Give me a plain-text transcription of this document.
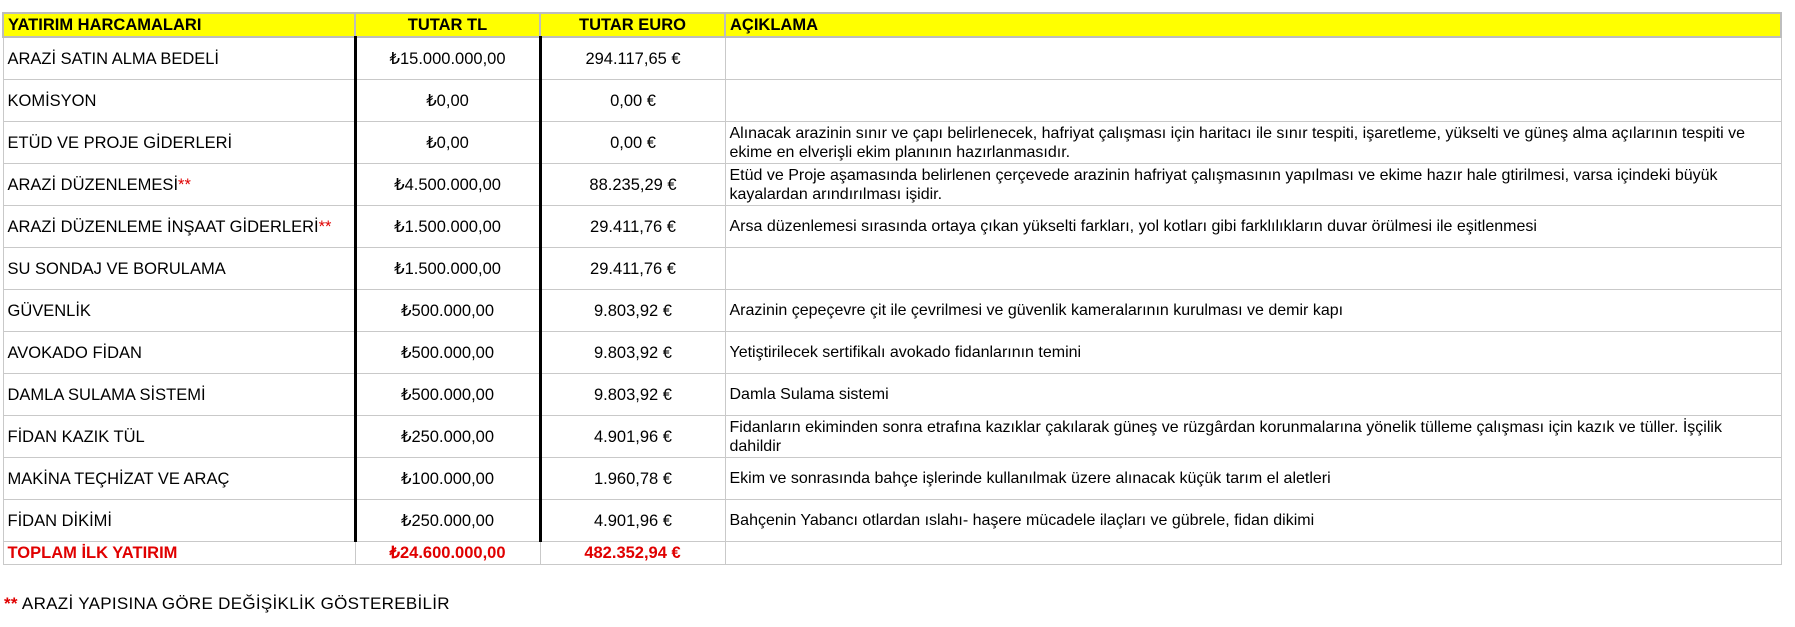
YATIRIM HARCAMALARI	TUTAR TL	TUTAR EURO	AÇIKLAMA
ARAZİ SATIN ALMA BEDELİ	₺15.000.000,00	294.117,65 €	
KOMİSYON	₺0,00	0,00 €	
ETÜD VE PROJE GİDERLERİ	₺0,00	0,00 €	Alınacak arazinin sınır ve çapı belirlenecek, hafriyat çalışması için haritacı ile sınır tespiti, işaretleme, yükselti ve güneş alma açılarının tespiti ve ekime en elverişli ekim planının hazırlanmasıdır.
ARAZİ DÜZENLEMESİ**	₺4.500.000,00	88.235,29 €	Etüd ve Proje aşamasında belirlenen çerçevede arazinin hafriyat çalışmasının yapılması ve ekime hazır hale gtirilmesi, varsa içindeki büyük kayalardan arındırılması işidir.
ARAZİ DÜZENLEME İNŞAAT GİDERLERİ**	₺1.500.000,00	29.411,76 €	Arsa düzenlemesi sırasında ortaya çıkan yükselti farkları, yol kotları gibi farklılıkların duvar örülmesi ile eşitlenmesi
SU SONDAJ VE BORULAMA	₺1.500.000,00	29.411,76 €	
GÜVENLİK	₺500.000,00	9.803,92 €	Arazinin çepeçevre çit ile çevrilmesi ve güvenlik kameralarının kurulması ve demir kapı
AVOKADO FİDAN	₺500.000,00	9.803,92 €	Yetiştirilecek sertifikalı avokado fidanlarının temini
DAMLA SULAMA SİSTEMİ	₺500.000,00	9.803,92 €	Damla Sulama sistemi
FİDAN KAZIK TÜL	₺250.000,00	4.901,96 €	Fidanların ekiminden sonra etrafına kazıklar çakılarak güneş ve rüzgârdan korunmalarına yönelik tülleme çalışması için kazık ve tüller. İşçilik dahildir
MAKİNA TEÇHİZAT VE ARAÇ	₺100.000,00	1.960,78 €	Ekim ve sonrasında bahçe işlerinde kullanılmak üzere alınacak küçük tarım el aletleri
FİDAN DİKİMİ	₺250.000,00	4.901,96 €	Bahçenin Yabancı otlardan ıslahı- haşere mücadele ilaçları ve gübrele, fidan dikimi
TOPLAM İLK YATIRIM	₺24.600.000,00	482.352,94 €	
** ARAZİ YAPISINA GÖRE DEĞİŞİKLİK GÖSTEREBİLİR
